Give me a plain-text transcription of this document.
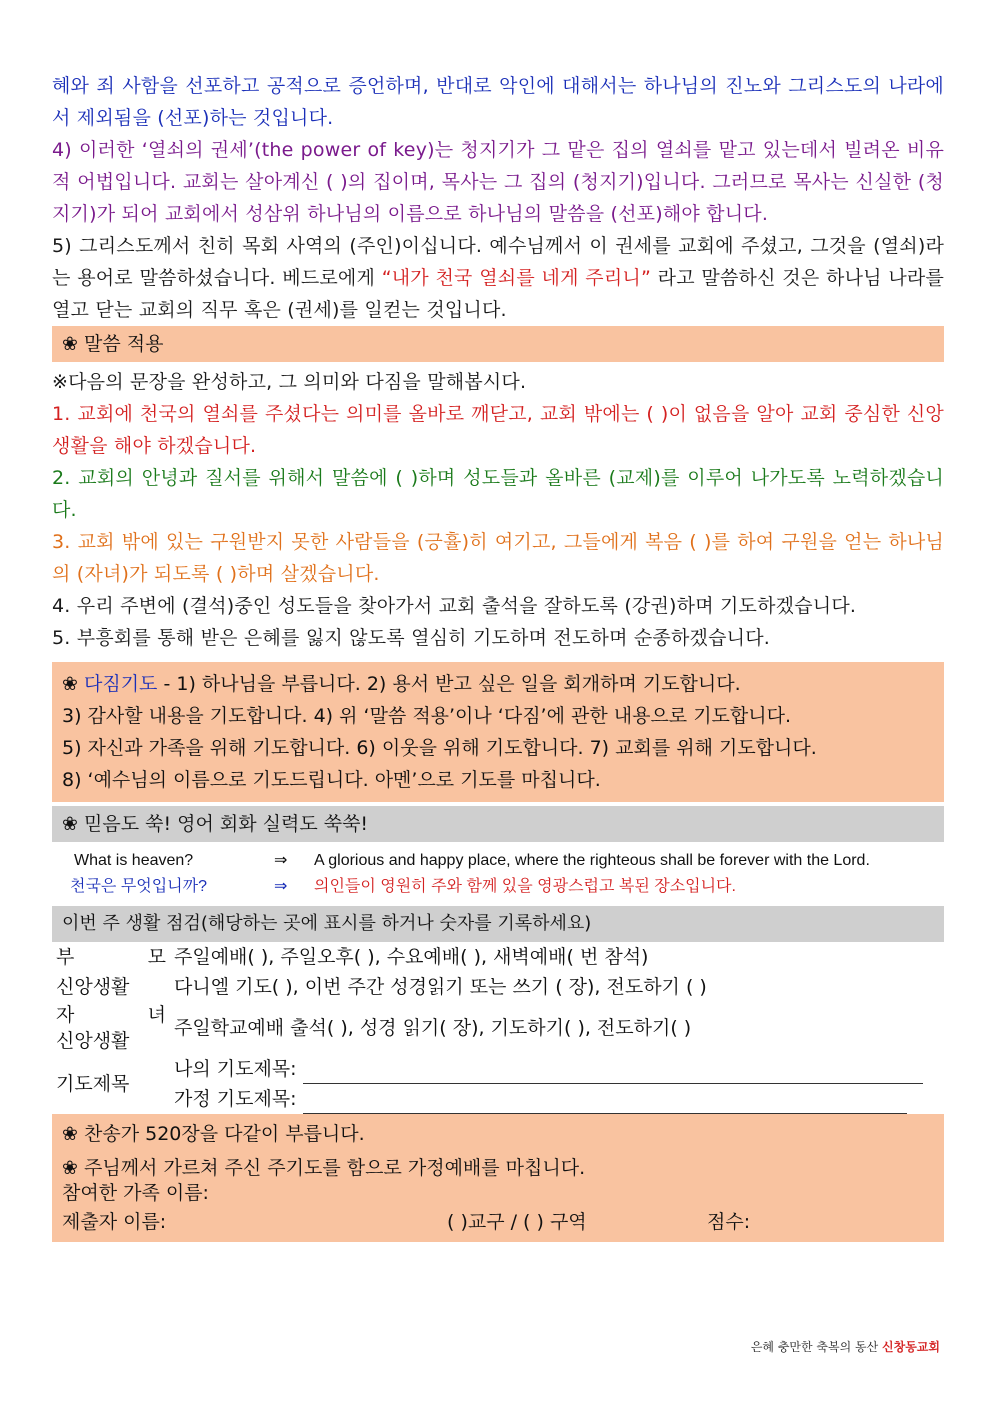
혜와 죄 사함을 선포하고 공적으로 증언하며, 반대로 악인에 대해서는 하나님의 진노와 그리스도의 나라에서 제외됨을 (선포)하는 것입니다.

4) 이러한 ‘열쇠의 권세’(the power of key)는 청지기가 그 맡은 집의 열쇠를 맡고 있는데서 빌려온 비유적 어법입니다. 교회는 살아계신 ( )의 집이며, 목사는 그 집의 (청지기)입니다. 그러므로 목사는 신실한 (청지기)가 되어 교회에서 성삼위 하나님의 이름으로 하나님의 말씀을 (선포)해야 합니다.

5) 그리스도께서 친히 목회 사역의 (주인)이십니다. 예수님께서 이 권세를 교회에 주셨고, 그것을 (열쇠)라는 용어로 말씀하셨습니다. 베드로에게 “내가 천국 열쇠를 네게 주리니” 라고 말씀하신 것은 하나님 나라를 열고 닫는 교회의 직무 혹은 (권세)를 일컫는 것입니다.

❀ 말씀 적용

※다음의 문장을 완성하고, 그 의미와 다짐을 말해봅시다.

1. 교회에 천국의 열쇠를 주셨다는 의미를 올바로 깨닫고, 교회 밖에는 ( )이 없음을 알아 교회 중심한 신앙생활을 해야 하겠습니다.

2. 교회의 안녕과 질서를 위해서 말씀에 ( )하며 성도들과 올바른 (교제)를 이루어 나가도록 노력하겠습니다.

3. 교회 밖에 있는 구원받지 못한 사람들을 (긍휼)히 여기고, 그들에게 복음 ( )를 하여 구원을 얻는 하나님의 (자녀)가 되도록 ( )하며 살겠습니다.

4. 우리 주변에 (결석)중인 성도들을 찾아가서 교회 출석을 잘하도록 (강권)하며 기도하겠습니다.

5. 부흥회를 통해 받은 은혜를 잃지 않도록 열심히 기도하며 전도하며 순종하겠습니다.

❀ 다짐기도 - 1) 하나님을 부릅니다. 2) 용서 받고 싶은 일을 회개하며 기도합니다.
3) 감사할 내용을 기도합니다. 4) 위 ‘말씀 적용’이나 ‘다짐’에 관한 내용으로 기도합니다.
5) 자신과 가족을 위해 기도합니다. 6) 이웃을 위해 기도합니다. 7) 교회를 위해 기도합니다.
8) ‘예수님의 이름으로 기도드립니다. 아멘’으로 기도를 마칩니다.
❀ 믿음도 쑥! 영어 회화 실력도 쑥쑥!
What is heaven?	⇒	A glorious and happy place, where the righteous shall be forever with the Lord.
천국은 무엇입니까?	⇒	의인들이 영원히 주와 함께 있을 영광스럽고 복된 장소입니다.
이번 주 생활 점검(해당하는 곳에 표시를 하거나 숫자를 기록하세요)
부 모	주일예배( ), 주일오후( ), 수요예배( ), 새벽예배( 번 참석)
신앙생활	다니엘 기도( ), 이번 주간 성경읽기 또는 쓰기 ( 장), 전도하기 ( )

자 녀
신앙생활	주일학교예배 출석( ), 성경 읽기( 장), 기도하기( ), 전도하기( )
기도제목	나의 기도제목:
가정 기도제목:
❀ 찬송가 520장을 다같이 부릅니다.
❀ 주님께서 가르쳐 주신 주기도를 함으로 가정예배를 마칩니다.
참여한 가족 이름:
제출자 이름:	( )교구 / ( ) 구역	점수:
은혜 충만한 축복의 동산 신창동교회
